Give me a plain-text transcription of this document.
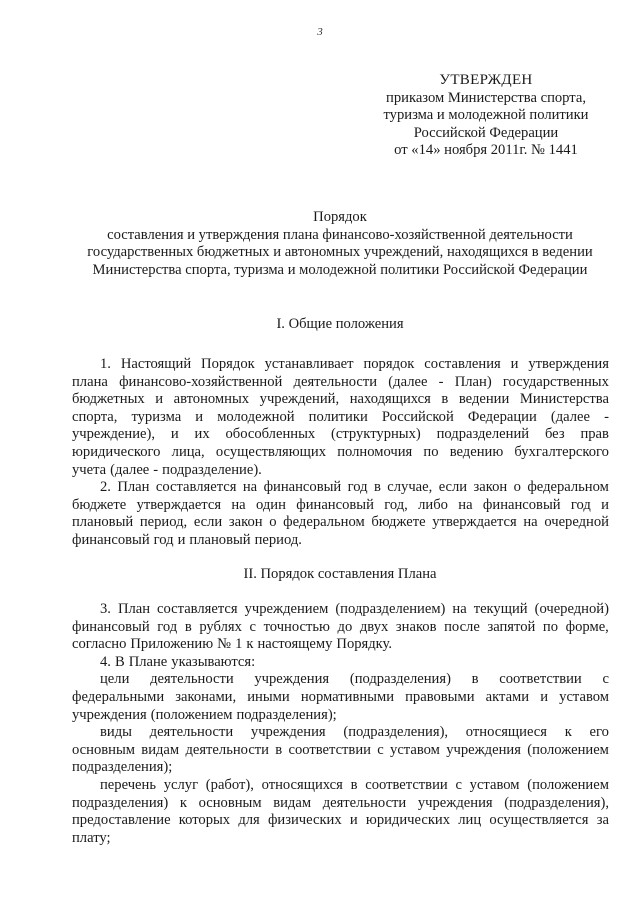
3
УТВЕРЖДЕН
приказом Министерства спорта,
туризма и молодежной политики
Российской Федерации
от «14» ноября 2011г. № 1441
Порядок
составления и утверждения плана финансово-хозяйственной деятельности
государственных бюджетных и автономных учреждений, находящихся в ведении
Министерства спорта, туризма и молодежной политики Российской Федерации
I. Общие положения
1. Настоящий Порядок устанавливает порядок составления и утверждения
плана финансово-хозяйственной деятельности (далее - План) государственных
бюджетных и автономных учреждений, находящихся в ведении Министерства
спорта, туризма и молодежной политики Российской Федерации (далее -
учреждение), и их обособленных (структурных) подразделений без прав
юридического лица, осуществляющих полномочия по ведению бухгалтерского
учета (далее - подразделение).
2. План составляется на финансовый год в случае, если закон о федеральном
бюджете утверждается на один финансовый год, либо на финансовый год и
плановый период, если закон о федеральном бюджете утверждается на очередной
финансовый год и плановый период.
II. Порядок составления Плана
3. План составляется учреждением (подразделением) на текущий (очередной)
финансовый год в рублях с точностью до двух знаков после запятой по форме,
согласно Приложению № 1 к настоящему Порядку.
4. В Плане указываются:
цели деятельности учреждения (подразделения) в соответствии с
федеральными законами, иными нормативными правовыми актами и уставом
учреждения (положением подразделения);
виды деятельности учреждения (подразделения), относящиеся к его
основным видам деятельности в соответствии с уставом учреждения (положением
подразделения);
перечень услуг (работ), относящихся в соответствии с уставом (положением
подразделения) к основным видам деятельности учреждения (подразделения),
предоставление которых для физических и юридических лиц осуществляется за
плату;
